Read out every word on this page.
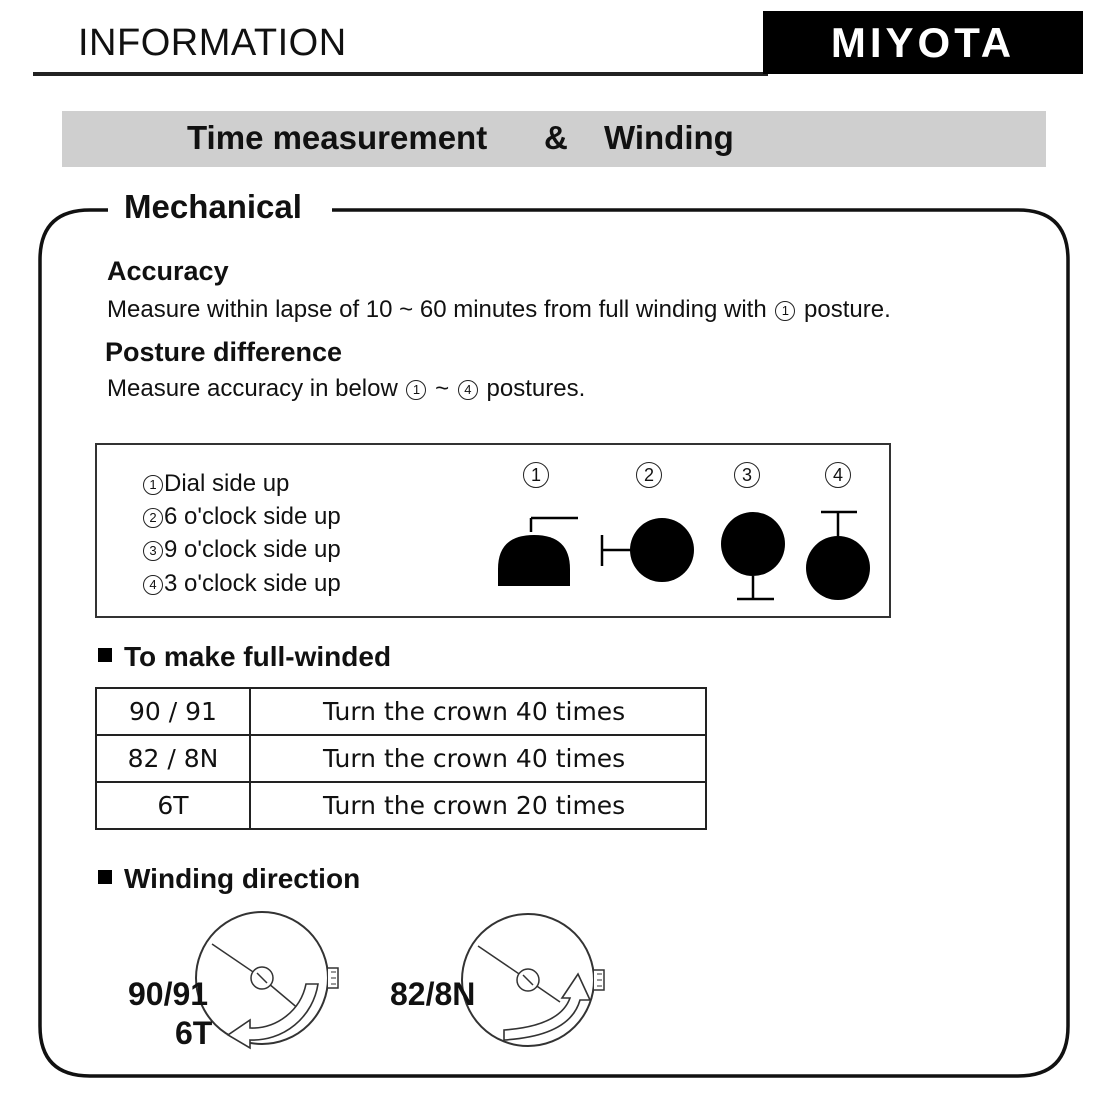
INFORMATION	MIYOTA
Time measurement & Winding
Mechanical
Accuracy
Measure within lapse of 10 ~ 60 minutes from full winding with 1 posture.
Posture difference
Measure accuracy in below 1 ~ 4 postures.
1 Dial side up
2 6 o'clock side up
3 9 o'clock side up
4 3 o'clock side up
1	2	3	4
To make full-winded
90 / 91	Turn the crown 40 times
82 / 8N	Turn the crown 40 times
6T	Turn the crown 20 times
Winding direction
90/91
6T
82/8N
